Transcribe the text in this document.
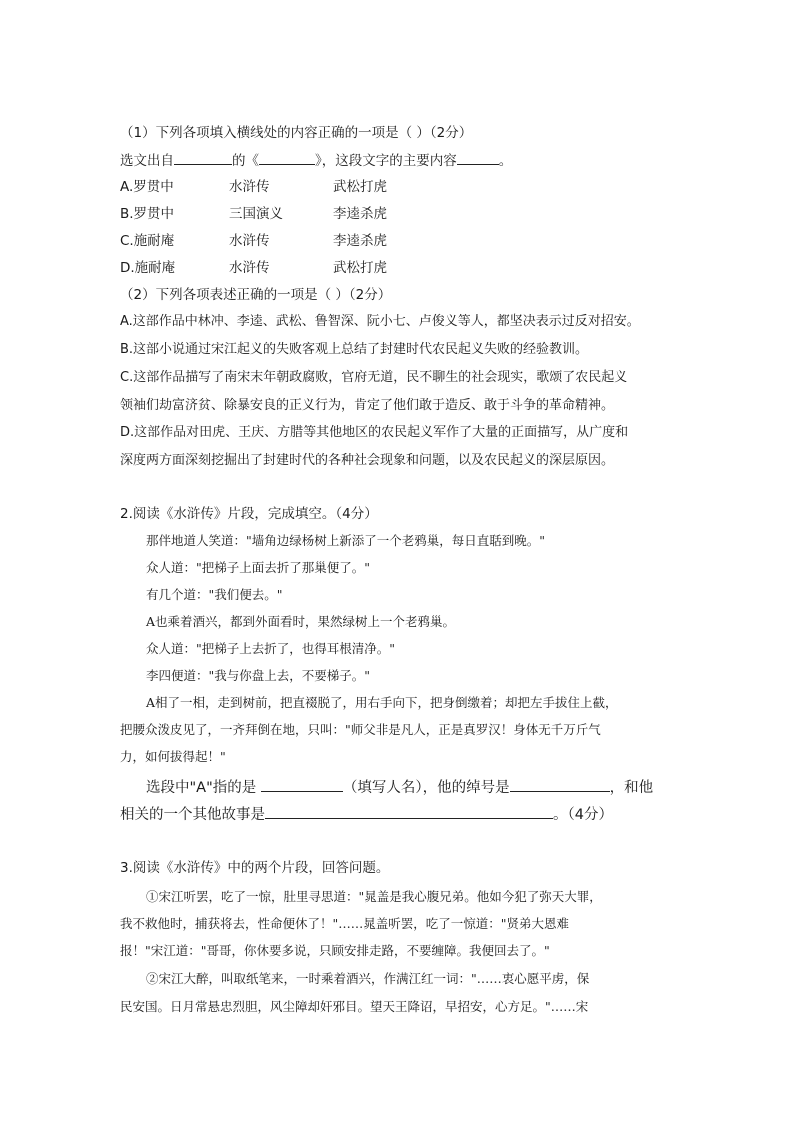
（1）下列各项填入横线处的内容正确的一项是（ ）（2分）
选文出自	的《	》，这段文字的主要内容	。
A.罗贯中	水浒传	武松打虎
B.罗贯中	三国演义	李逵杀虎
C.施耐庵	水浒传	李逵杀虎
D.施耐庵	水浒传	武松打虎
（2）下列各项表述正确的一项是（ ）（2分）
A.这部作品中林冲、李逵、武松、鲁智深、阮小七、卢俊义等人，都坚决表示过反对招安。
B.这部小说通过宋江起义的失败客观上总结了封建时代农民起义失败的经验教训。
C.这部作品描写了南宋末年朝政腐败，官府无道，民不聊生的社会现实，歌颂了农民起义
领袖们劫富济贫、除暴安良的正义行为，肯定了他们敢于造反、敢于斗争的革命精神。
D.这部作品对田虎、王庆、方腊等其他地区的农民起义军作了大量的正面描写，从广度和
深度两方面深刻挖掘出了封建时代的各种社会现象和问题，以及农民起义的深层原因。
2.阅读《水浒传》片段，完成填空。（4分）
那伴地道人笑道："墙角边绿杨树上新添了一个老鸦巢，每日直聒到晚。"
众人道："把梯子上面去折了那巢便了。"
有几个道："我们便去。"
A也乘着酒兴，都到外面看时，果然绿树上一个老鸦巢。
众人道："把梯子上去折了，也得耳根清净。"
李四便道："我与你盘上去，不要梯子。"
A相了一相，走到树前，把直裰脱了，用右手向下，把身倒缴着；却把左手拔住上截，
把腰众泼皮见了，一齐拜倒在地，只叫："师父非是凡人，正是真罗汉！身体无千万斤气
力，如何拔得起！"
选段中"A"指的是	（填写人名），他的绰号是	，和他
相关的一个其他故事是	。（4分）
3.阅读《水浒传》中的两个片段，回答问题。
①宋江听罢，吃了一惊，肚里寻思道："晁盖是我心腹兄弟。他如今犯了弥天大罪，
我不救他时，捕获将去，性命便休了！"……晁盖听罢，吃了一惊道："贤弟大恩难
报！"宋江道："哥哥，你休要多说，只顾安排走路，不要缠障。我便回去了。"
②宋江大醉，叫取纸笔来，一时乘着酒兴，作满江红一词："……衷心愿平虏，保
民安国。日月常悬忠烈胆，风尘障却奸邪目。望天王降诏，早招安，心方足。"……宋
